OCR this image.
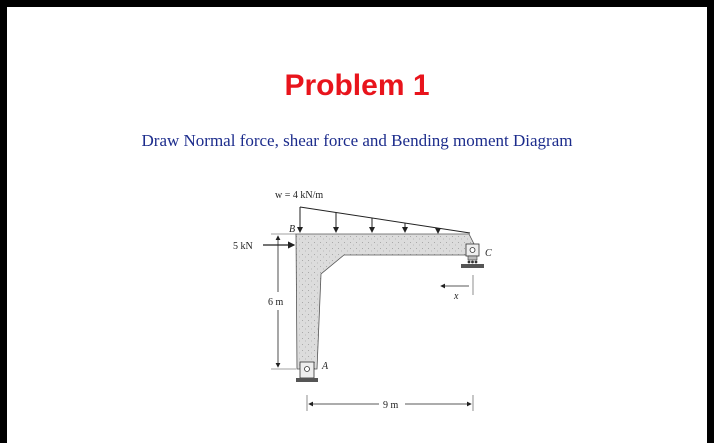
Problem 1
Draw Normal force, shear force and Bending moment Diagram
w = 4 kN/m
5 kN
B
C
A
6 m
x
9 m
